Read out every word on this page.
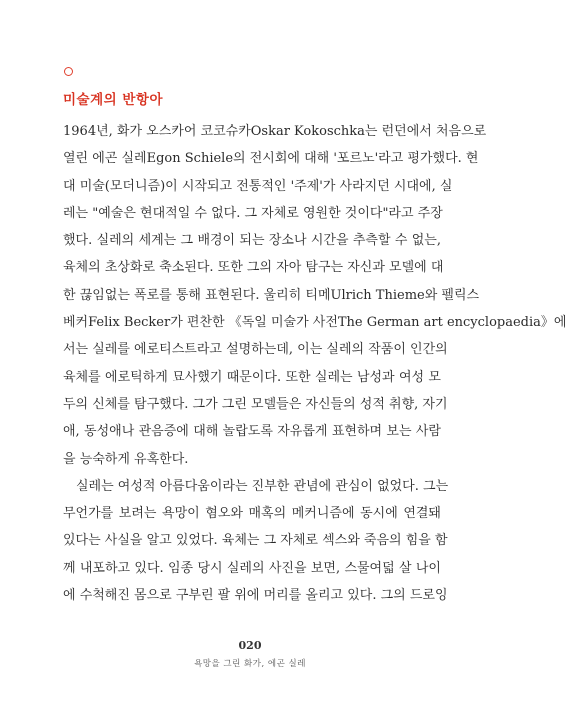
미술계의 반항아
1964년, 화가 오스카어 코코슈카Oskar Kokoschka는 런던에서 처음으로
열린 에곤 실레Egon Schiele의 전시회에 대해 '포르노'라고 평가했다. 현
대 미술(모더니즘)이 시작되고 전통적인 '주제'가 사라지던 시대에, 실
레는 "예술은 현대적일 수 없다. 그 자체로 영원한 것이다"라고 주장
했다. 실레의 세계는 그 배경이 되는 장소나 시간을 추측할 수 없는,
육체의 초상화로 축소된다. 또한 그의 자아 탐구는 자신과 모델에 대
한 끊임없는 폭로를 통해 표현된다. 울리히 티메Ulrich Thieme와 펠릭스
베커Felix Becker가 편찬한 《독일 미술가 사전The German art encyclopaedia》에
서는 실레를 에로티스트라고 설명하는데, 이는 실레의 작품이 인간의
육체를 에로틱하게 묘사했기 때문이다. 또한 실레는 남성과 여성 모
두의 신체를 탐구했다. 그가 그린 모델들은 자신들의 성적 취향, 자기
애, 동성애나 관음증에 대해 놀랍도록 자유롭게 표현하며 보는 사람
을 능숙하게 유혹한다.
실레는 여성적 아름다움이라는 진부한 관념에 관심이 없었다. 그는
무언가를 보려는 욕망이 혐오와 매혹의 메커니즘에 동시에 연결돼
있다는 사실을 알고 있었다. 육체는 그 자체로 섹스와 죽음의 힘을 함
께 내포하고 있다. 임종 당시 실레의 사진을 보면, 스물여덟 살 나이
에 수척해진 몸으로 구부린 팔 위에 머리를 올리고 있다. 그의 드로잉
020
욕망을 그린 화가, 에곤 실레
